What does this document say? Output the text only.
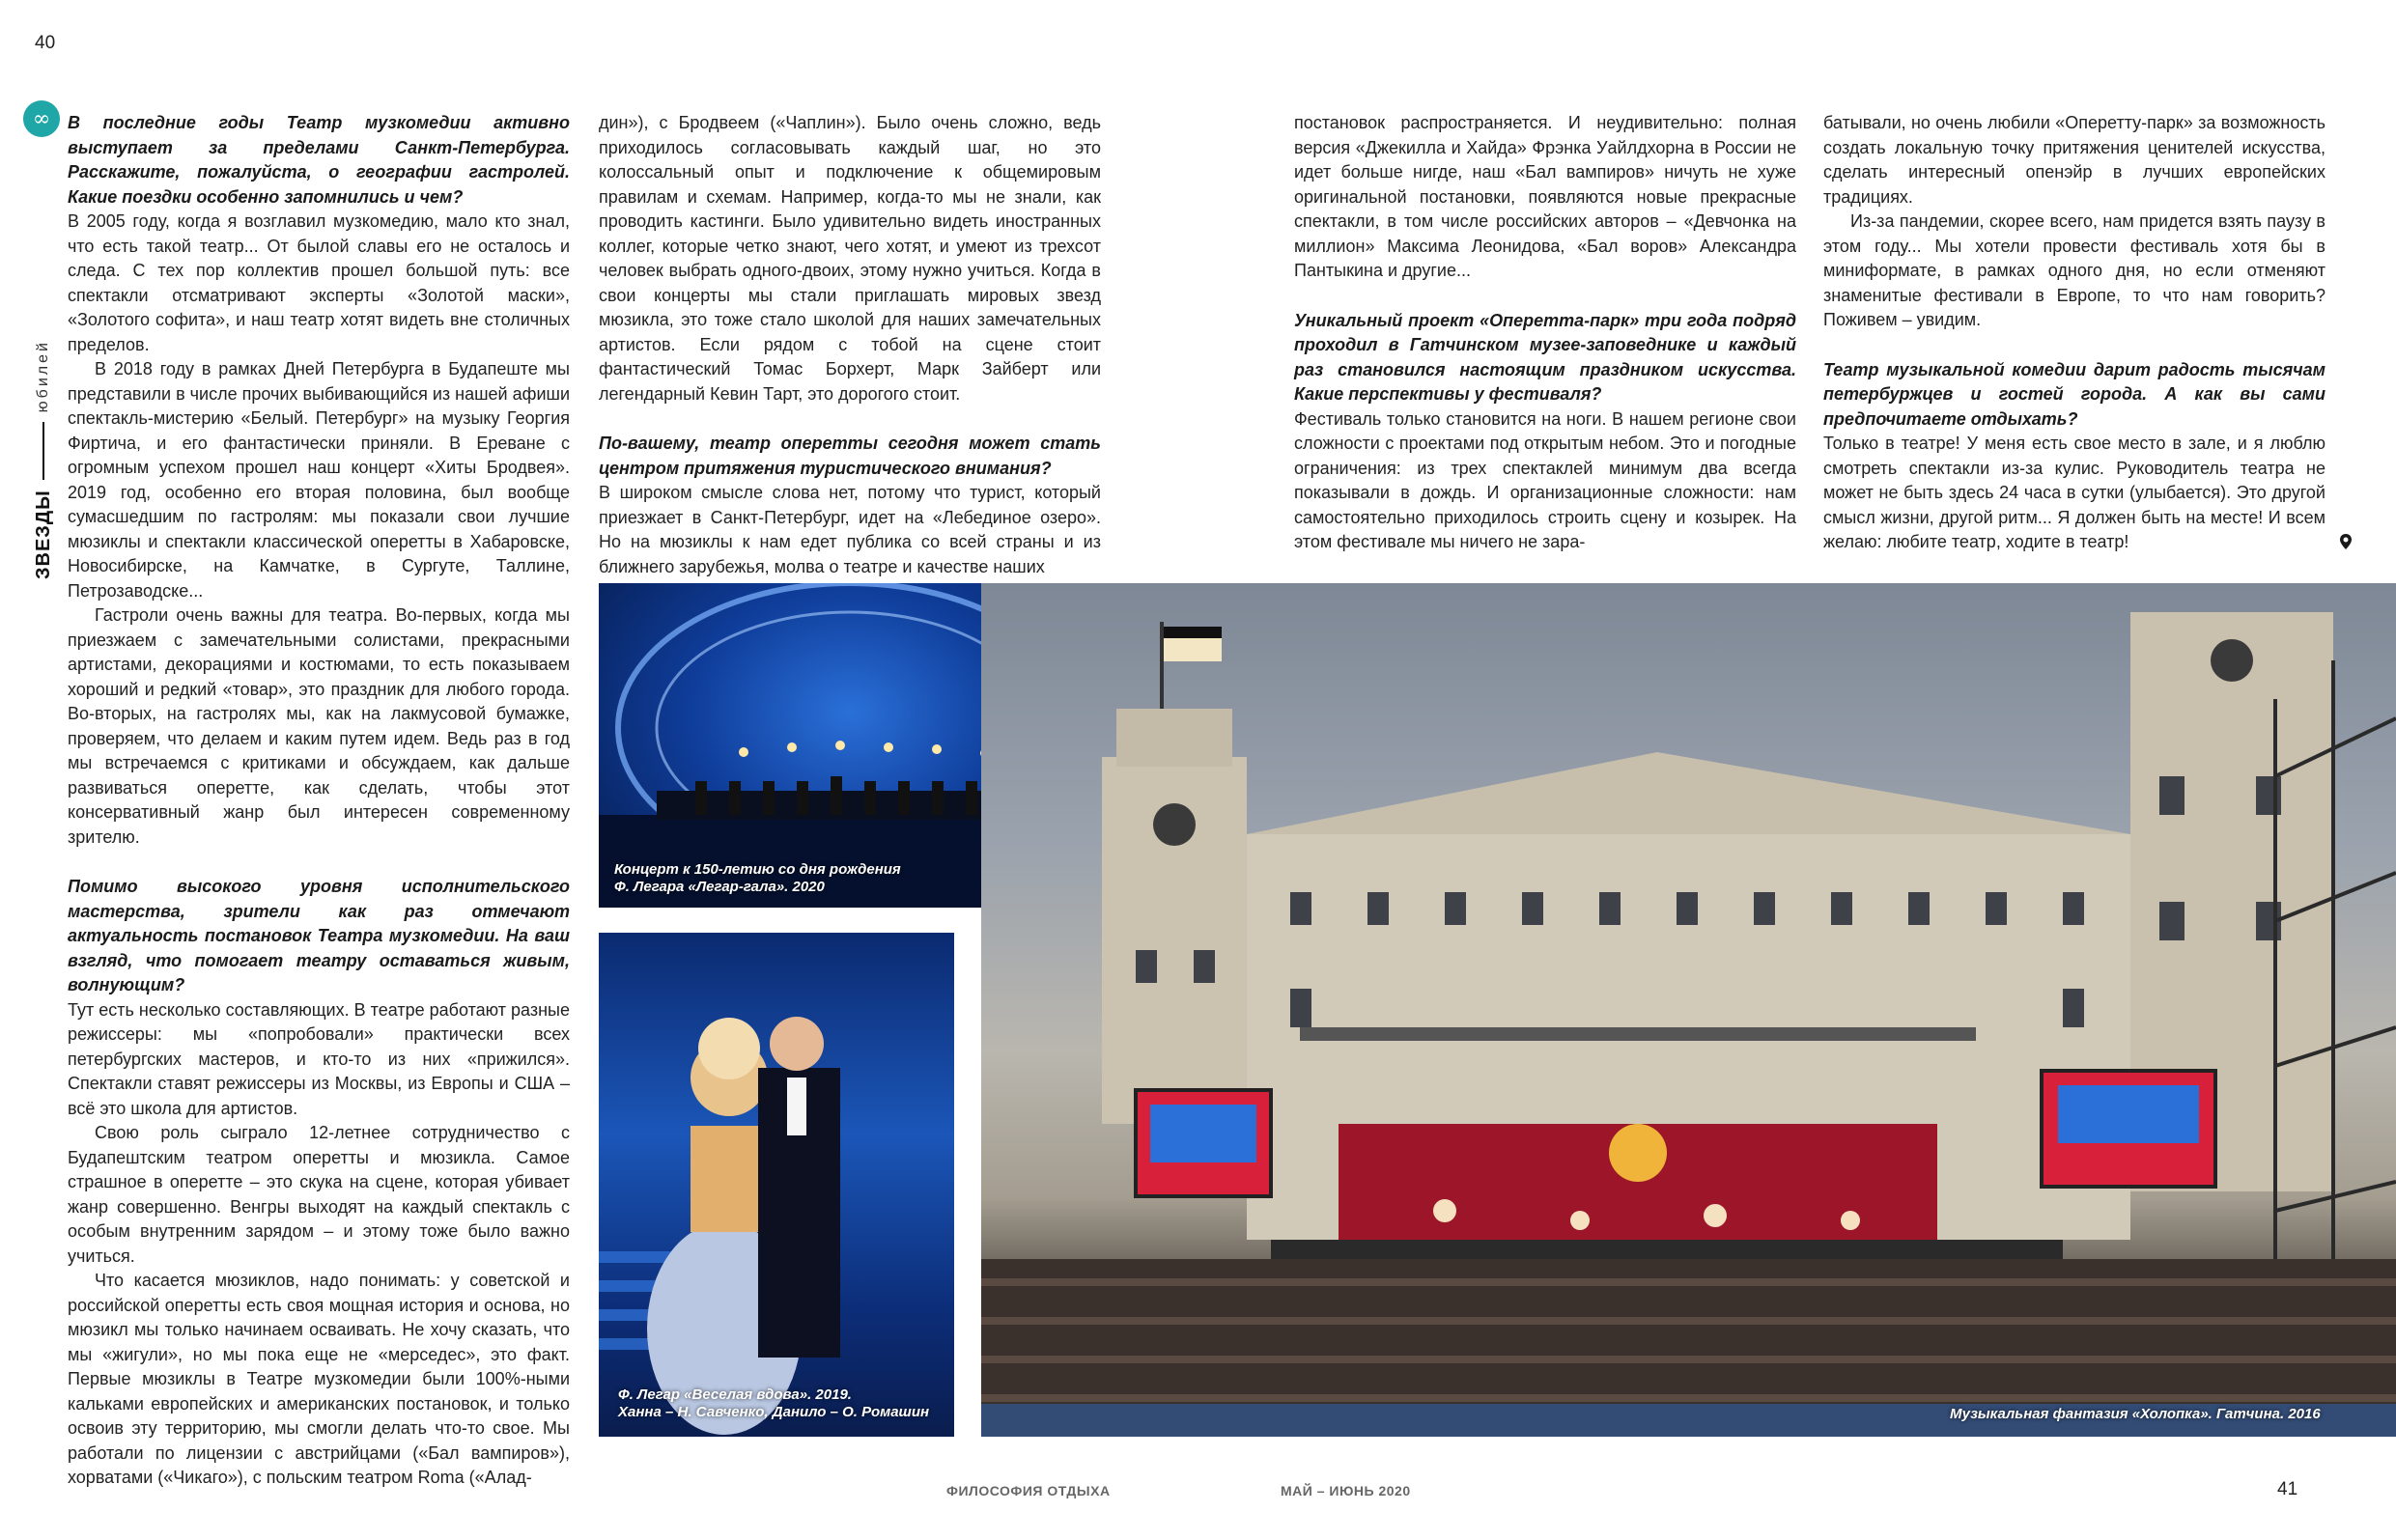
40
41
ФИЛОСОФИЯ ОТДЫХА	МАЙ – ИЮНЬ 2020
∞
ЗВЕЗДЫ
юбилей

В последние годы Театр музкомедии активно выступает за пределами Санкт-Петербурга. Расскажите, пожалуйста, о географии гастролей. Какие поездки особенно запомнились и чем?

В 2005 году, когда я возглавил музкомедию, мало кто знал, что есть такой театр... От былой славы его не осталось и следа. С тех пор коллектив прошел большой путь: все спектакли отсматривают эксперты «Золотой маски», «Золотого софита», и наш театр хотят видеть вне столичных пределов.

В 2018 году в рамках Дней Петербурга в Будапеште мы представили в числе прочих выбивающийся из нашей афиши спектакль-мистерию «Белый. Петербург» на музыку Георгия Фиртича, и его фантастически приняли. В Ереване с огромным успехом прошел наш концерт «Хиты Бродвея». 2019 год, особенно его вторая половина, был вообще сумасшедшим по гастролям: мы показали свои лучшие мюзиклы и спектакли классической оперетты в Хабаровске, Новосибирске, на Камчатке, в Сургуте, Таллине, Петрозаводске...

Гастроли очень важны для театра. Во-первых, когда мы приезжаем с замечательными солистами, прекрасными артистами, декорациями и костюмами, то есть показываем хороший и редкий «товар», это праздник для любого города. Во-вторых, на гастролях мы, как на лакмусовой бумажке, проверяем, что делаем и каким путем идем. Ведь раз в год мы встречаемся с критиками и обсуждаем, как дальше развиваться оперетте, как сделать, чтобы этот консервативный жанр был интересен современному зрителю.

Помимо высокого уровня исполнительского мастерства, зрители как раз отмечают актуальность постановок Театра музкомедии. На ваш взгляд, что помогает театру оставаться живым, волнующим?

Тут есть несколько составляющих. В театре работают разные режиссеры: мы «попробовали» практически всех петербургских мастеров, и кто-то из них «прижился». Спектакли ставят режиссеры из Москвы, из Европы и США – всё это школа для артистов.

Свою роль сыграло 12-летнее сотрудничество с Будапештским театром оперетты и мюзикла. Самое страшное в оперетте – это скука на сцене, которая убивает жанр совершенно. Венгры выходят на каждый спектакль с особым внутренним зарядом – и этому тоже было важно учиться.

Что касается мюзиклов, надо понимать: у советской и российской оперетты есть своя мощная история и основа, но мюзикл мы только начинаем осваивать. Не хочу сказать, что мы «жигули», но мы пока еще не «мерседес», это факт. Первые мюзиклы в Театре музкомедии были 100%-ными кальками европейских и американских постановок, и только освоив эту территорию, мы смогли делать что-то свое. Мы работали по лицензии с австрийцами («Бал вампиров»), хорватами («Чикаго»), с польским театром Roma («Алад-

дин»), с Бродвеем («Чаплин»). Было очень сложно, ведь приходилось согласовывать каждый шаг, но это колоссальный опыт и подключение к общемировым правилам и схемам. Например, когда-то мы не знали, как проводить кастинги. Было удивительно видеть иностранных коллег, которые четко знают, чего хотят, и умеют из трехсот человек выбрать одного-двоих, этому нужно учиться. Когда в свои концерты мы стали приглашать мировых звезд мюзикла, это тоже стало школой для наших замечательных артистов. Если рядом с тобой на сцене стоит фантастический Томас Борхерт, Марк Зайберт или легендарный Кевин Тарт, это дорогого стоит.

По-вашему, театр оперетты сегодня может стать центром притяжения туристического внимания?

В широком смысле слова нет, потому что турист, который приезжает в Санкт-Петербург, идет на «Лебединое озеро». Но на мюзиклы к нам едет публика со всей страны и из ближнего зарубежья, молва о театре и качестве наших

постановок распространяется. И неудивительно: полная версия «Джекилла и Хайда» Фрэнка Уайлдхорна в России не идет больше нигде, наш «Бал вампиров» ничуть не хуже оригинальной постановки, появляются новые прекрасные спектакли, в том числе российских авторов – «Девчонка на миллион» Максима Леонидова, «Бал воров» Александра Пантыкина и другие...

Уникальный проект «Оперетта-парк» три года подряд проходил в Гатчинском музее-заповеднике и каждый раз становился настоящим праздником искусства. Какие перспективы у фестиваля?

Фестиваль только становится на ноги. В нашем регионе свои сложности с проектами под открытым небом. Это и погодные ограничения: из трех спектаклей минимум два всегда показывали в дождь. И организационные сложности: нам самостоятельно приходилось строить сцену и козырек. На этом фестивале мы ничего не зара-

батывали, но очень любили «Оперетту-парк» за возможность создать локальную точку притяжения ценителей искусства, сделать интересный опенэйр в лучших европейских традициях.

Из-за пандемии, скорее всего, нам придется взять паузу в этом году... Мы хотели провести фестиваль хотя бы в миниформате, в рамках одного дня, но если отменяют знаменитые фестивали в Европе, то что нам говорить? Поживем – увидим.

Театр музыкальной комедии дарит радость тысячам петербуржцев и гостей города. А как вы сами предпочитаете отдыхать?

Только в театре! У меня есть свое место в зале, и я люблю смотреть спектакли из-за кулис. Руководитель театра не может не быть здесь 24 часа в сутки (улыбается). Это другой смысл жизни, другой ритм... Я должен быть на месте! И всем желаю: любите театр, ходите в театр!

Концерт к 150-летию со дня рождения
Ф. Легара «Легар-гала». 2020
Ф. Легар «Веселая вдова». 2019.
Ханна – Н. Савченко, Данило – О. Ромашин	Музыкальная фантазия «Холопка». Гатчина. 2016
